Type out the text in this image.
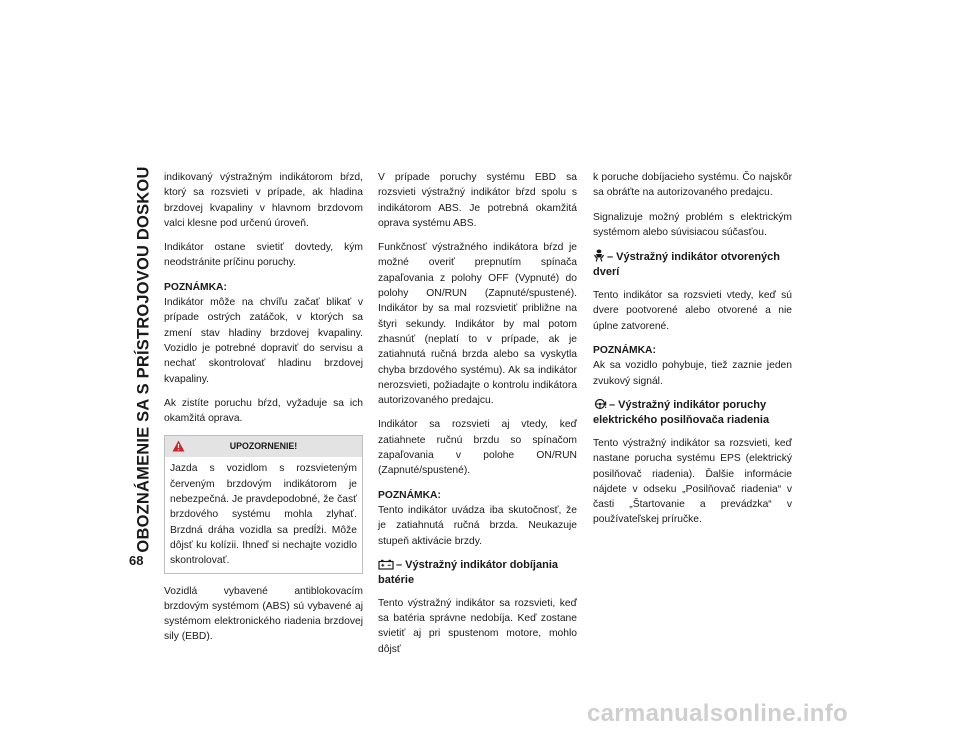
OBOZNÁMENIE SA S PRÍSTROJOVOU DOSKOU
68

indikovaný výstražným indikátorom bŕzd, ktorý sa rozsvieti v prípade, ak hladina brzdovej kvapaliny v hlavnom brzdovom valci klesne pod určenú úroveň.

Indikátor ostane svietiť dovtedy, kým neodstránite príčinu poruchy.

POZNÁMKA:

Indikátor môže na chvíľu začať blikať v prípade ostrých zatáčok, v ktorých sa zmení stav hladiny brzdovej kvapaliny. Vozidlo je potrebné dopraviť do servisu a nechať skontrolovať hladinu brzdovej kvapaliny.

Ak zistíte poruchu bŕzd, vyžaduje sa ich okamžitá oprava.

UPOZORNENIE!
Jazda s vozidlom s rozsvieteným červeným brzdovým indikátorom je nebezpečná. Je pravdepodobné, že časť brzdového systému mohla zlyhať. Brzdná dráha vozidla sa predĺži. Môže dôjsť ku kolízii. Ihneď si nechajte vozidlo skontrolovať.

Vozidlá vybavené antiblokovacím brzdovým systémom (ABS) sú vybavené aj systémom elektronického riadenia brzdovej sily (EBD).

V prípade poruchy systému EBD sa rozsvieti výstražný indikátor bŕzd spolu s indikátorom ABS. Je potrebná okamžitá oprava systému ABS.

Funkčnosť výstražného indikátora bŕzd je možné overiť prepnutím spínača zapaľovania z polohy OFF (Vypnuté) do polohy ON/RUN (Zapnuté/spustené). Indikátor by sa mal rozsvietiť približne na štyri sekundy. Indikátor by mal potom zhasnúť (neplatí to v prípade, ak je zatiahnutá ručná brzda alebo sa vyskytla chyba brzdového systému). Ak sa indikátor nerozsvieti, požiadajte o kontrolu indikátora autorizovaného predajcu.

Indikátor sa rozsvieti aj vtedy, keď zatiahnete ručnú brzdu so spínačom zapaľovania v polohe ON/RUN (Zapnuté/spustené).

POZNÁMKA:

Tento indikátor uvádza iba skutočnosť, že je zatiahnutá ručná brzda. Neukazuje stupeň aktivácie brzdy.

– Výstražný indikátor dobíjania batérie

Tento výstražný indikátor sa rozsvieti, keď sa batéria správne nedobíja. Keď zostane svietiť aj pri spustenom motore, mohlo dôjsť

k poruche dobíjacieho systému. Čo najskôr sa obráťte na autorizovaného predajcu.

Signalizuje možný problém s elektrickým systémom alebo súvisiacou súčasťou.

– Výstražný indikátor otvorených dverí

Tento indikátor sa rozsvieti vtedy, keď sú dvere pootvorené alebo otvorené a nie úplne zatvorené.

POZNÁMKA:

Ak sa vozidlo pohybuje, tiež zaznie jeden zvukový signál.

– Výstražný indikátor poruchy elektrického posilňovača riadenia

Tento výstražný indikátor sa rozsvieti, keď nastane porucha systému EPS (elektrický posilňovač riadenia). Ďalšie informácie nájdete v odseku „Posilňovač riadenia“ v časti „Štartovanie a prevádzka“ v používateľskej príručke.

carmanualsonline.info
